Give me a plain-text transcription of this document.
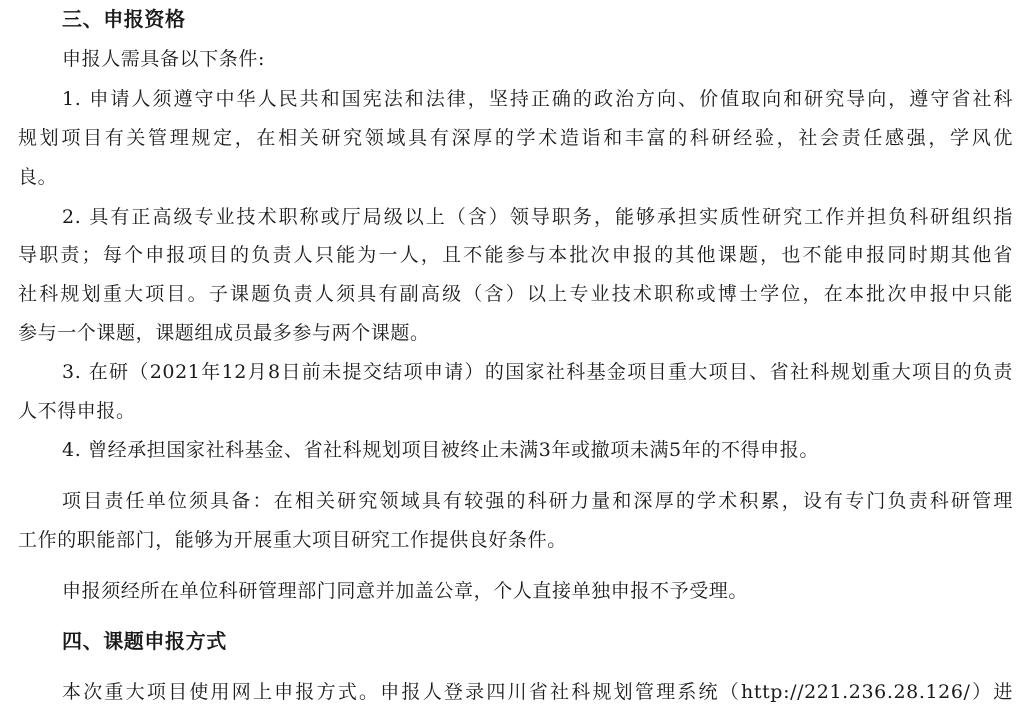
三、申报资格
申报人需具备以下条件:
1. 申请人须遵守中华人民共和国宪法和法律，坚持正确的政治方向、价值取向和研究导向，遵守省社科
规划项目有关管理规定，在相关研究领域具有深厚的学术造诣和丰富的科研经验，社会责任感强，学风优
良。
2. 具有正高级专业技术职称或厅局级以上（含）领导职务，能够承担实质性研究工作并担负科研组织指
导职责；每个申报项目的负责人只能为一人，且不能参与本批次申报的其他课题，也不能申报同时期其他省
社科规划重大项目。子课题负责人须具有副高级（含）以上专业技术职称或博士学位，在本批次申报中只能
参与一个课题，课题组成员最多参与两个课题。
3. 在研（2021年12月8日前未提交结项申请）的国家社科基金项目重大项目、省社科规划重大项目的负责
人不得申报。
4. 曾经承担国家社科基金、省社科规划项目被终止未满3年或撤项未满5年的不得申报。
项目责任单位须具备：在相关研究领域具有较强的科研力量和深厚的学术积累，设有专门负责科研管理
工作的职能部门，能够为开展重大项目研究工作提供良好条件。
申报须经所在单位科研管理部门同意并加盖公章，个人直接单独申报不予受理。
四、课题申报方式
本次重大项目使用网上申报方式。申报人登录四川省社科规划管理系统（http://221.236.28.126/）进
